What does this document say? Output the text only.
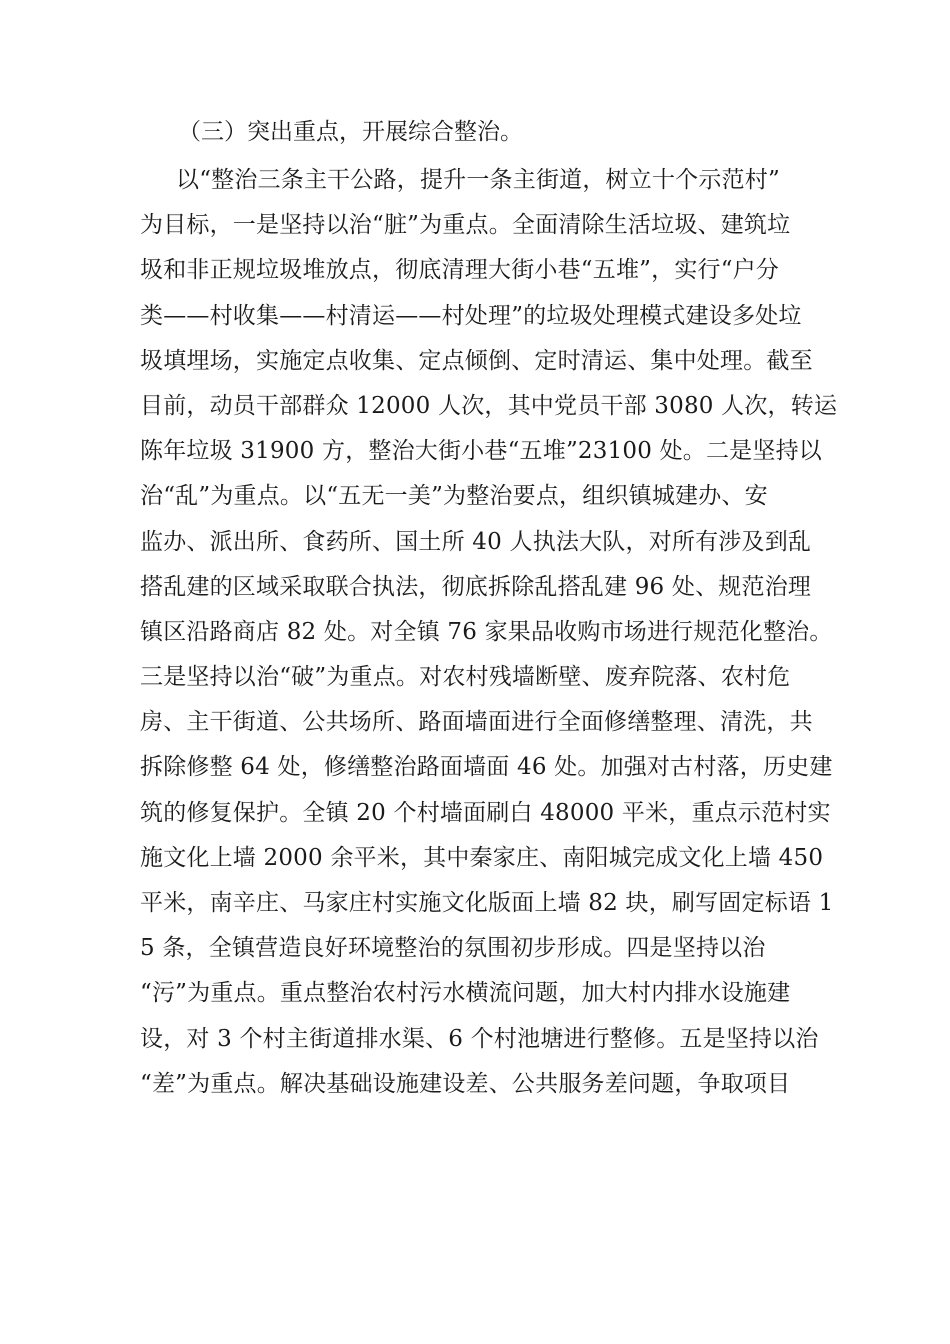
（三）突出重点，开展综合整治。
以“整治三条主干公路，提升一条主街道，树立十个示范村”
为目标，一是坚持以治“脏”为重点。全面清除生活垃圾、建筑垃
圾和非正规垃圾堆放点，彻底清理大街小巷“五堆”，实行“户分
类——村收集——村清运——村处理”的垃圾处理模式建设多处垃
圾填埋场，实施定点收集、定点倾倒、定时清运、集中处理。截至
目前，动员干部群众 12000 人次，其中党员干部 3080 人次，转运
陈年垃圾 31900 方，整治大街小巷“五堆”23100 处。二是坚持以
治“乱”为重点。以“五无一美”为整治要点，组织镇城建办、安
监办、派出所、食药所、国土所 40 人执法大队，对所有涉及到乱
搭乱建的区域采取联合执法，彻底拆除乱搭乱建 96 处、规范治理
镇区沿路商店 82 处。对全镇 76 家果品收购市场进行规范化整治。
三是坚持以治“破”为重点。对农村残墙断壁、废弃院落、农村危
房、主干街道、公共场所、路面墙面进行全面修缮整理、清洗，共
拆除修整 64 处，修缮整治路面墙面 46 处。加强对古村落，历史建
筑的修复保护。全镇 20 个村墙面刷白 48000 平米，重点示范村实
施文化上墙 2000 余平米，其中秦家庄、南阳城完成文化上墙 450
平米，南辛庄、马家庄村实施文化版面上墙 82 块，刷写固定标语 1
5 条，全镇营造良好环境整治的氛围初步形成。四是坚持以治
“污”为重点。重点整治农村污水横流问题，加大村内排水设施建
设，对 3 个村主街道排水渠、6 个村池塘进行整修。五是坚持以治
“差”为重点。解决基础设施建设差、公共服务差问题，争取项目
